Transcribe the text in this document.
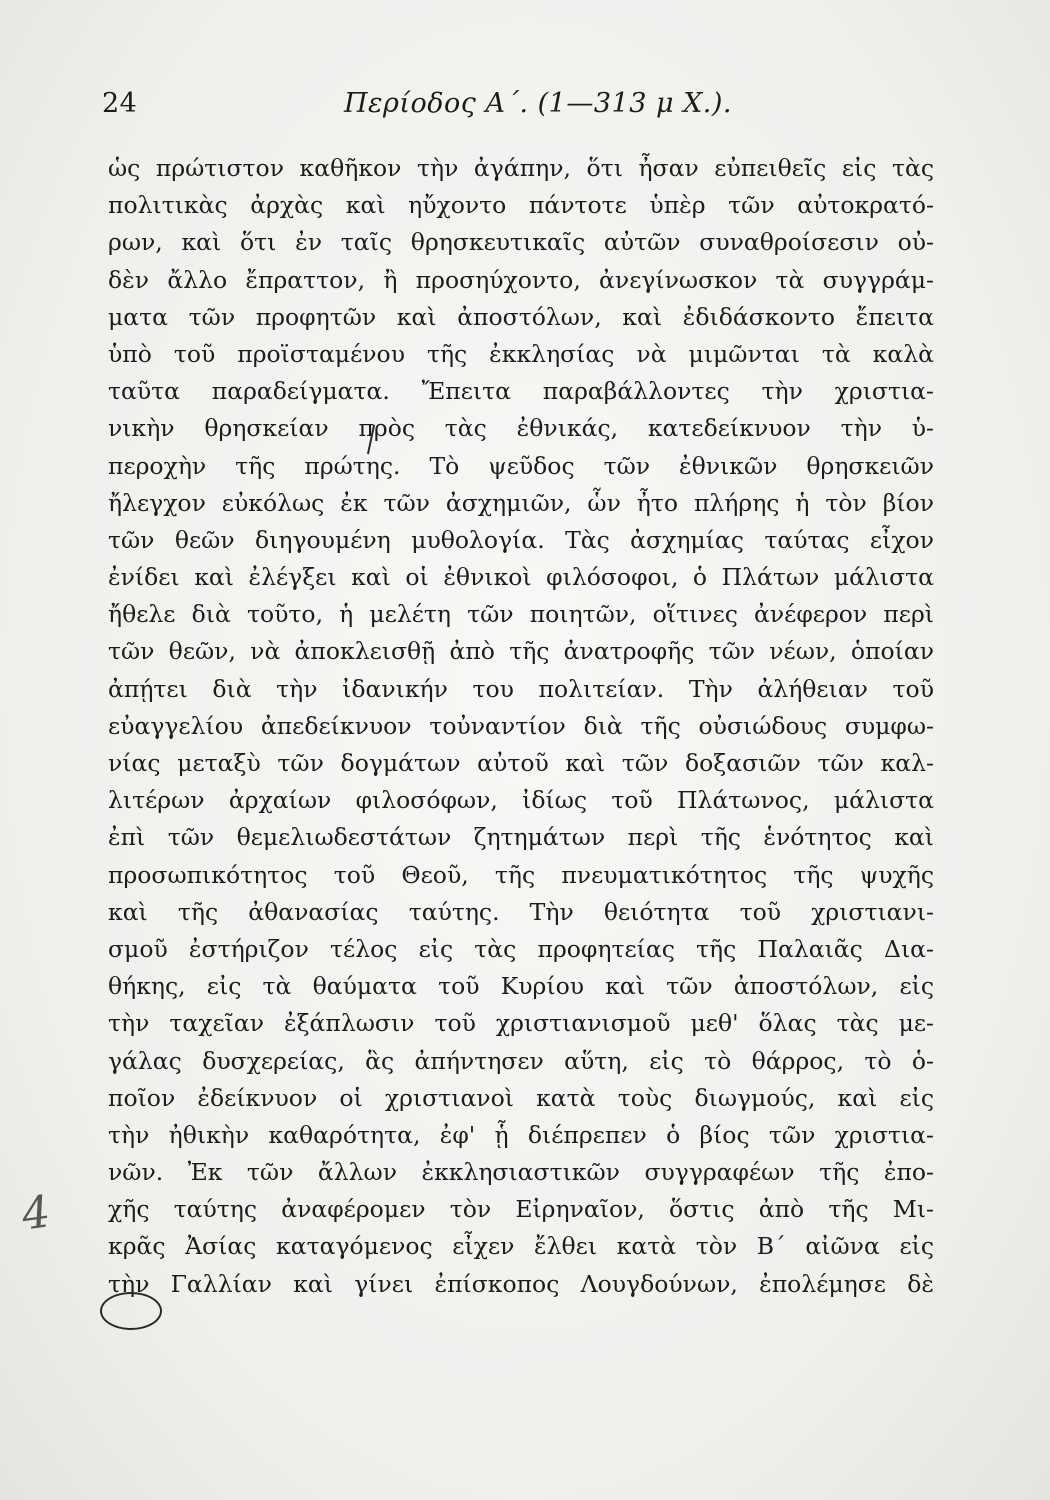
24	Περίοδος Α΄. (1—313 μ Χ.).
ὡς πρώτιστον καθῆκον τὴν ἀγάπην, ὅτι ἦσαν εὐπειθεῖς εἰς τὰς
πολιτικὰς ἀρχὰς καὶ ηὔχοντο πάντοτε ὑπὲρ τῶν αὐτοκρατό-
ρων, καὶ ὅτι ἐν ταῖς θρησκευτικαῖς αὐτῶν συναθροίσεσιν οὐ-
δὲν ἄλλο ἔπραττον, ἢ προσηύχοντο, ἀνεγίνωσκον τὰ συγγράμ-
ματα τῶν προφητῶν καὶ ἀποστόλων, καὶ ἐδιδάσκοντο ἔπειτα
ὑπὸ τοῦ προϊσταμένου τῆς ἐκκλησίας νὰ μιμῶνται τὰ καλὰ
ταῦτα παραδείγματα. Ἔπειτα παραβάλλοντες τὴν χριστια-
νικὴν θρησκείαν πρὸς τὰς ἐθνικάς, κατεδείκνυον τὴν ὑ-
περοχὴν τῆς πρώτης. Τὸ ψεῦδος τῶν ἐθνικῶν θρησκειῶν
ἤλεγχον εὐκόλως ἐκ τῶν ἀσχημιῶν, ὧν ἦτο πλήρης ἡ τὸν βίον
τῶν θεῶν διηγουμένη μυθολογία. Τὰς ἀσχημίας ταύτας εἶχον
ἐνίδει καὶ ἐλέγξει καὶ οἱ ἐθνικοὶ φιλόσοφοι, ὁ Πλάτων μάλιστα
ἤθελε διὰ τοῦτο, ἡ μελέτη τῶν ποιητῶν, οἵτινες ἀνέφερον περὶ
τῶν θεῶν, νὰ ἀποκλεισθῇ ἀπὸ τῆς ἀνατροφῆς τῶν νέων, ὁποίαν
ἀπῄτει διὰ τὴν ἰδανικήν του πολιτείαν. Τὴν ἀλήθειαν τοῦ
εὐαγγελίου ἀπεδείκνυον τοὐναντίον διὰ τῆς οὐσιώδους συμφω-
νίας μεταξὺ τῶν δογμάτων αὐτοῦ καὶ τῶν δοξασιῶν τῶν καλ-
λιτέρων ἀρχαίων φιλοσόφων, ἰδίως τοῦ Πλάτωνος, μάλιστα
ἐπὶ τῶν θεμελιωδεστάτων ζητημάτων περὶ τῆς ἑνότητος καὶ
προσωπικότητος τοῦ Θεοῦ, τῆς πνευματικότητος τῆς ψυχῆς
καὶ τῆς ἀθανασίας ταύτης. Τὴν θειότητα τοῦ χριστιανι-
σμοῦ ἐστήριζον τέλος εἰς τὰς προφητείας τῆς Παλαιᾶς Δια-
θήκης, εἰς τὰ θαύματα τοῦ Κυρίου καὶ τῶν ἀποστόλων, εἰς
τὴν ταχεῖαν ἐξάπλωσιν τοῦ χριστιανισμοῦ μεθ' ὅλας τὰς με-
γάλας δυσχερείας, ἃς ἀπήντησεν αὕτη, εἰς τὸ θάρρος, τὸ ὁ-
ποῖον ἐδείκνυον οἱ χριστιανοὶ κατὰ τοὺς διωγμούς, καὶ εἰς
τὴν ἠθικὴν καθαρότητα, ἐφ' ᾗ διέπρεπεν ὁ βίος τῶν χριστια-
νῶν. Ἐκ τῶν ἄλλων ἐκκλησιαστικῶν συγγραφέων τῆς ἐπο-
χῆς ταύτης ἀναφέρομεν τὸν Εἰρηναῖον, ὅστις ἀπὸ τῆς Μι-
κρᾶς Ἀσίας καταγόμενος εἶχεν ἔλθει κατὰ τὸν Β΄ αἰῶνα εἰς
τὴν Γαλλίαν καὶ γίνει ἐπίσκοπος Λουγδούνων, ἐπολέμησε δὲ
4
